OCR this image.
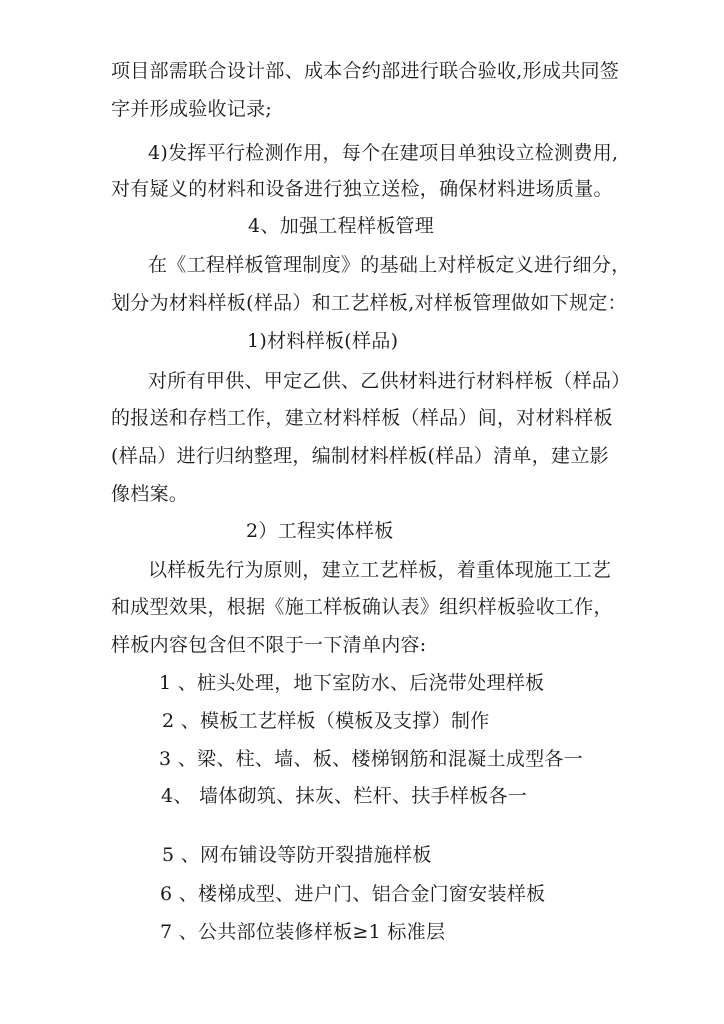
项目部需联合设计部、成本合约部进行联合验收,形成共同签
字并形成验收记录;
4)发挥平行检测作用，每个在建项目单独设立检测费用,
对有疑义的材料和设备进行独立送检，确保材料进场质量。
4、加强工程样板管理
在《工程样板管理制度》的基础上对样板定义进行细分，
划分为材料样板(样品）和工艺样板,对样板管理做如下规定：
1)材料样板(样品)
对所有甲供、甲定乙供、乙供材料进行材料样板（样品）
的报送和存档工作，建立材料样板（样品）间，对材料样板
(样品）进行归纳整理，编制材料样板(样品）清单，建立影
像档案。
2）工程实体样板
以样板先行为原则，建立工艺样板，着重体现施工工艺
和成型效果，根据《施工样板确认表》组织样板验收工作，
样板内容包含但不限于一下清单内容:
1 、桩头处理，地下室防水、后浇带处理样板
2 、模板工艺样板（模板及支撑）制作
3 、梁、柱、墙、板、楼梯钢筋和混凝土成型各一
4、 墙体砌筑、抹灰、栏杆、扶手样板各一
5 、网布铺设等防开裂措施样板
6 、楼梯成型、进户门、铝合金门窗安装样板
7 、公共部位装修样板≥1 标准层
